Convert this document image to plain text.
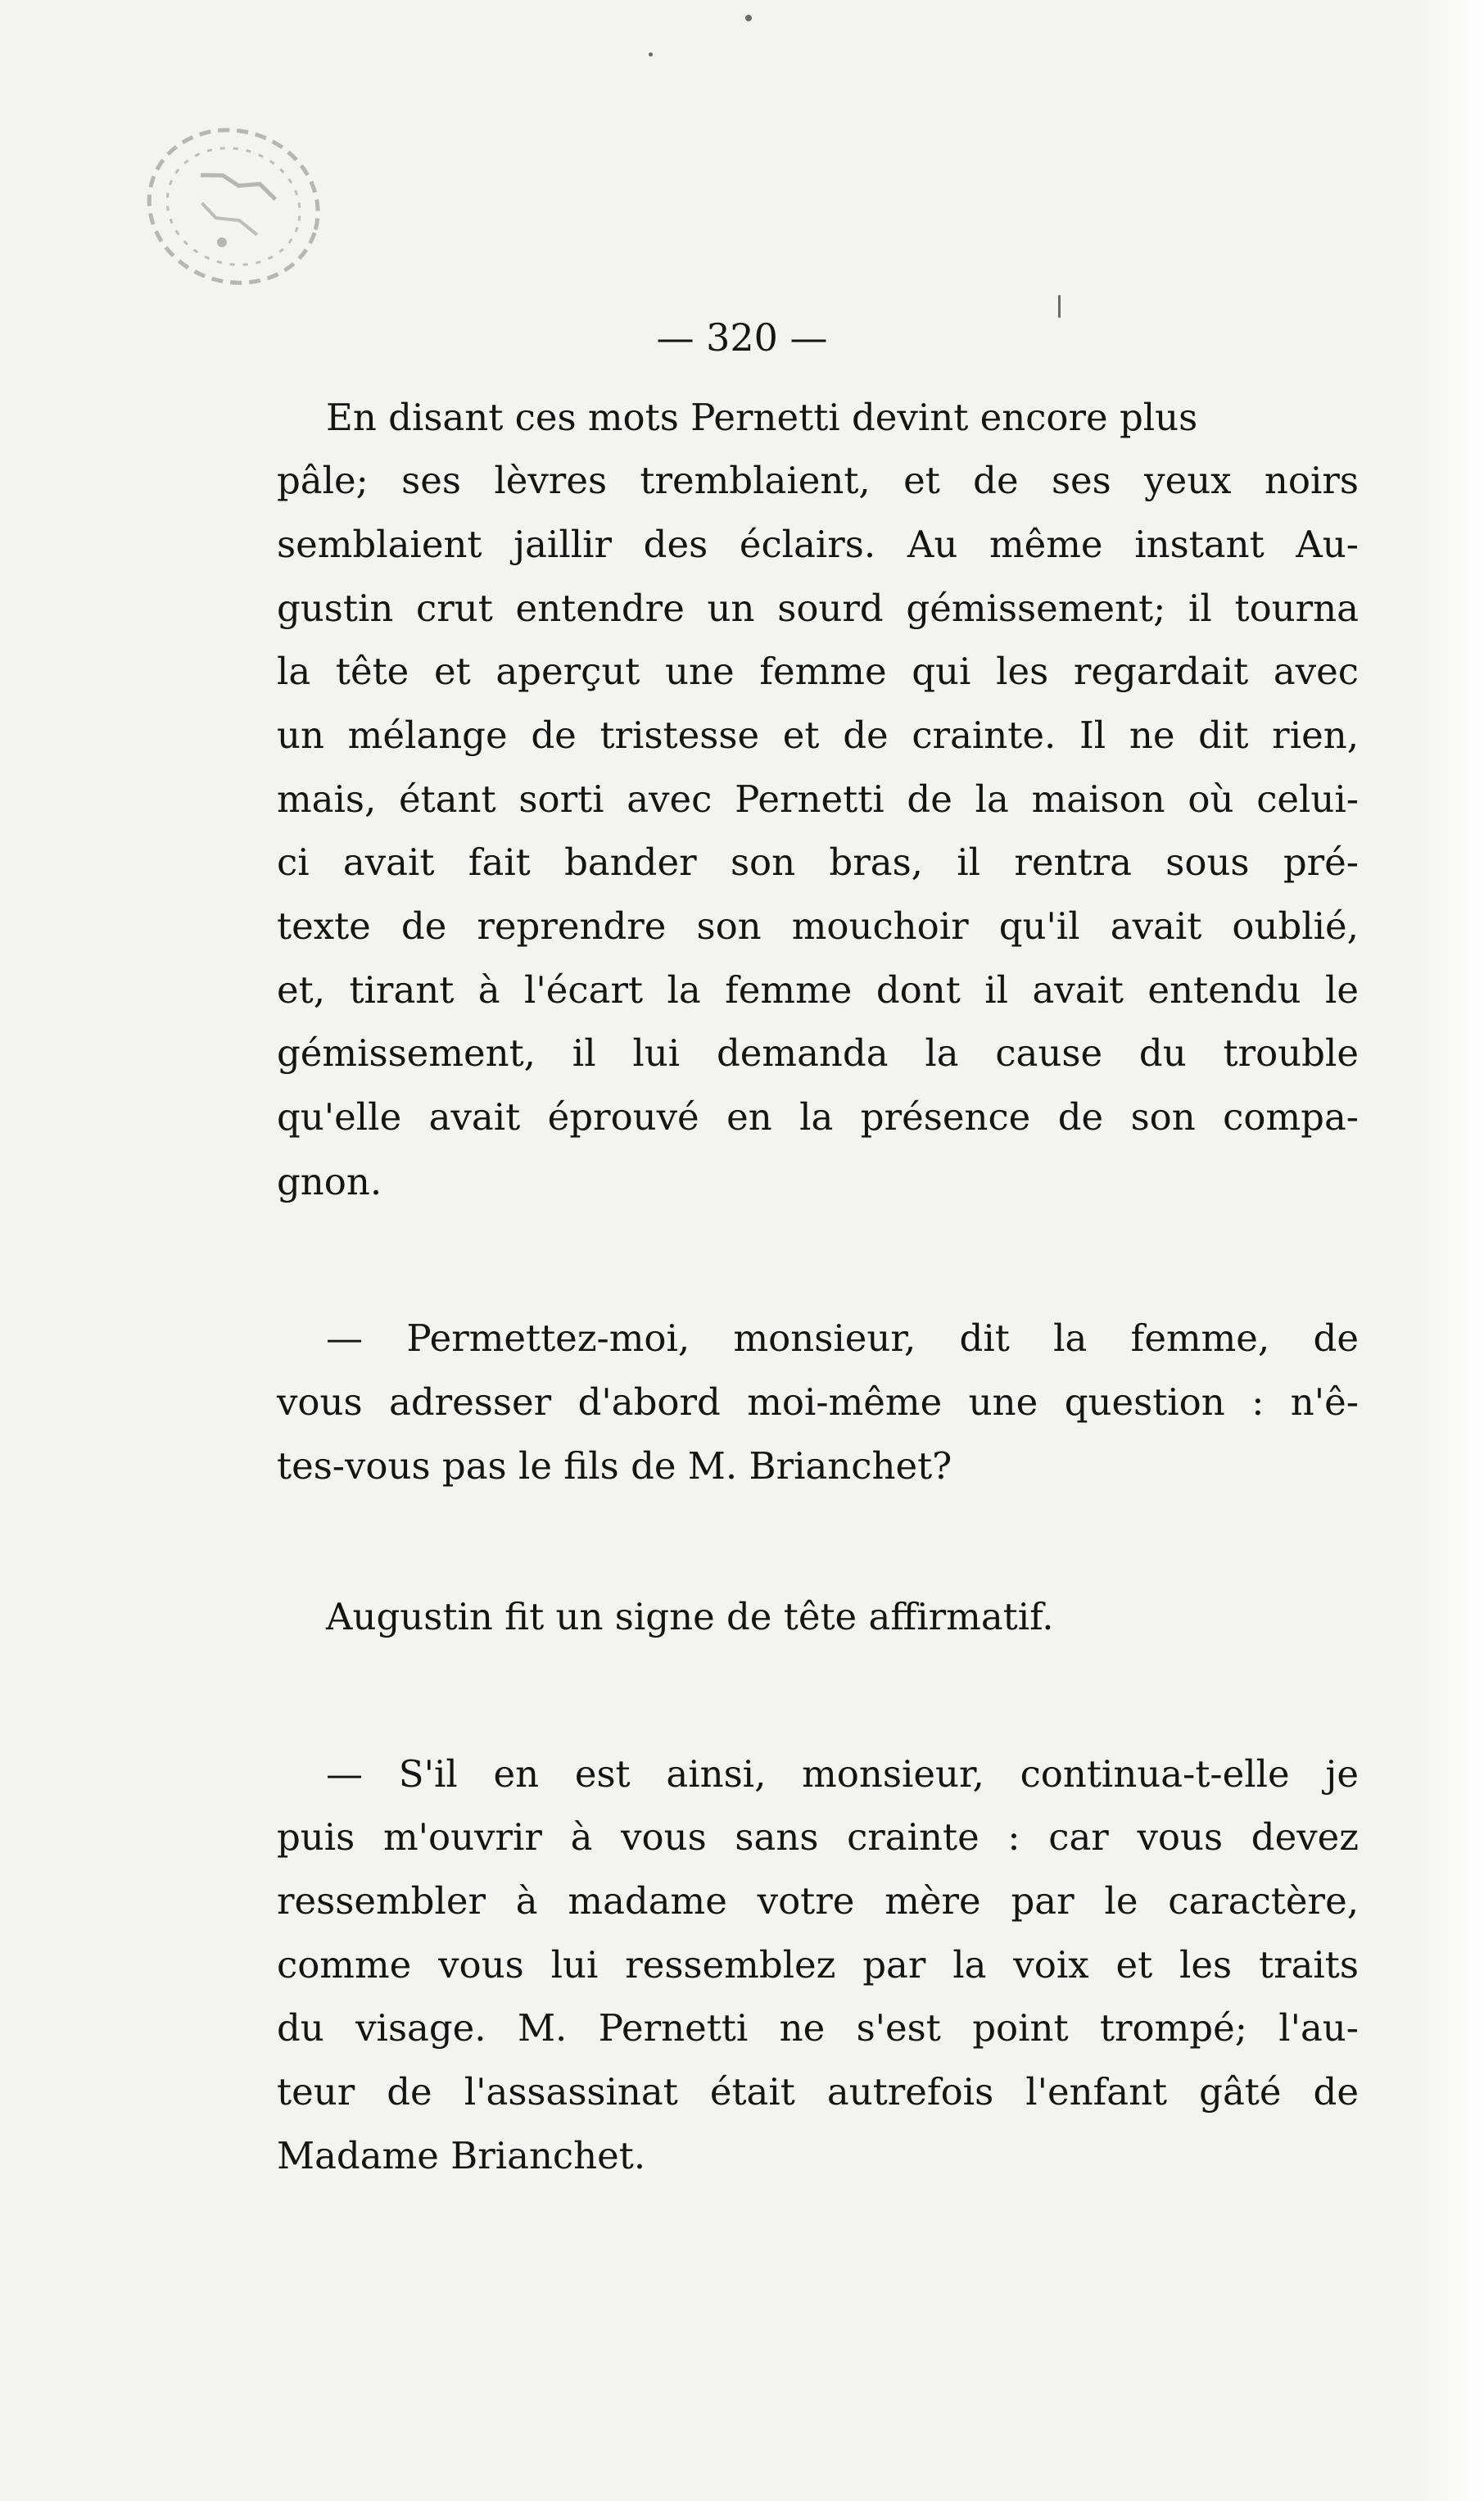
— 320 —

En disant ces mots Pernetti devint encore plus

pâle; ses lèvres tremblaient, et de ses yeux noirs

semblaient jaillir des éclairs. Au même instant Au-

gustin crut entendre un sourd gémissement; il tourna

la tête et aperçut une femme qui les regardait avec

un mélange de tristesse et de crainte. Il ne dit rien,

mais, étant sorti avec Pernetti de la maison où celui-

ci avait fait bander son bras, il rentra sous pré-

texte de reprendre son mouchoir qu'il avait oublié,

et, tirant à l'écart la femme dont il avait entendu le

gémissement, il lui demanda la cause du trouble

qu'elle avait éprouvé en la présence de son compa-

gnon.

— Permettez-moi, monsieur, dit la femme, de

vous adresser d'abord moi-même une question : n'ê-

tes-vous pas le fils de M. Brianchet?

Augustin fit un signe de tête affirmatif.

— S'il en est ainsi, monsieur, continua-t-elle je

puis m'ouvrir à vous sans crainte : car vous devez

ressembler à madame votre mère par le caractère,

comme vous lui ressemblez par la voix et les traits

du visage. M. Pernetti ne s'est point trompé; l'au-

teur de l'assassinat était autrefois l'enfant gâté de

Madame Brianchet.
